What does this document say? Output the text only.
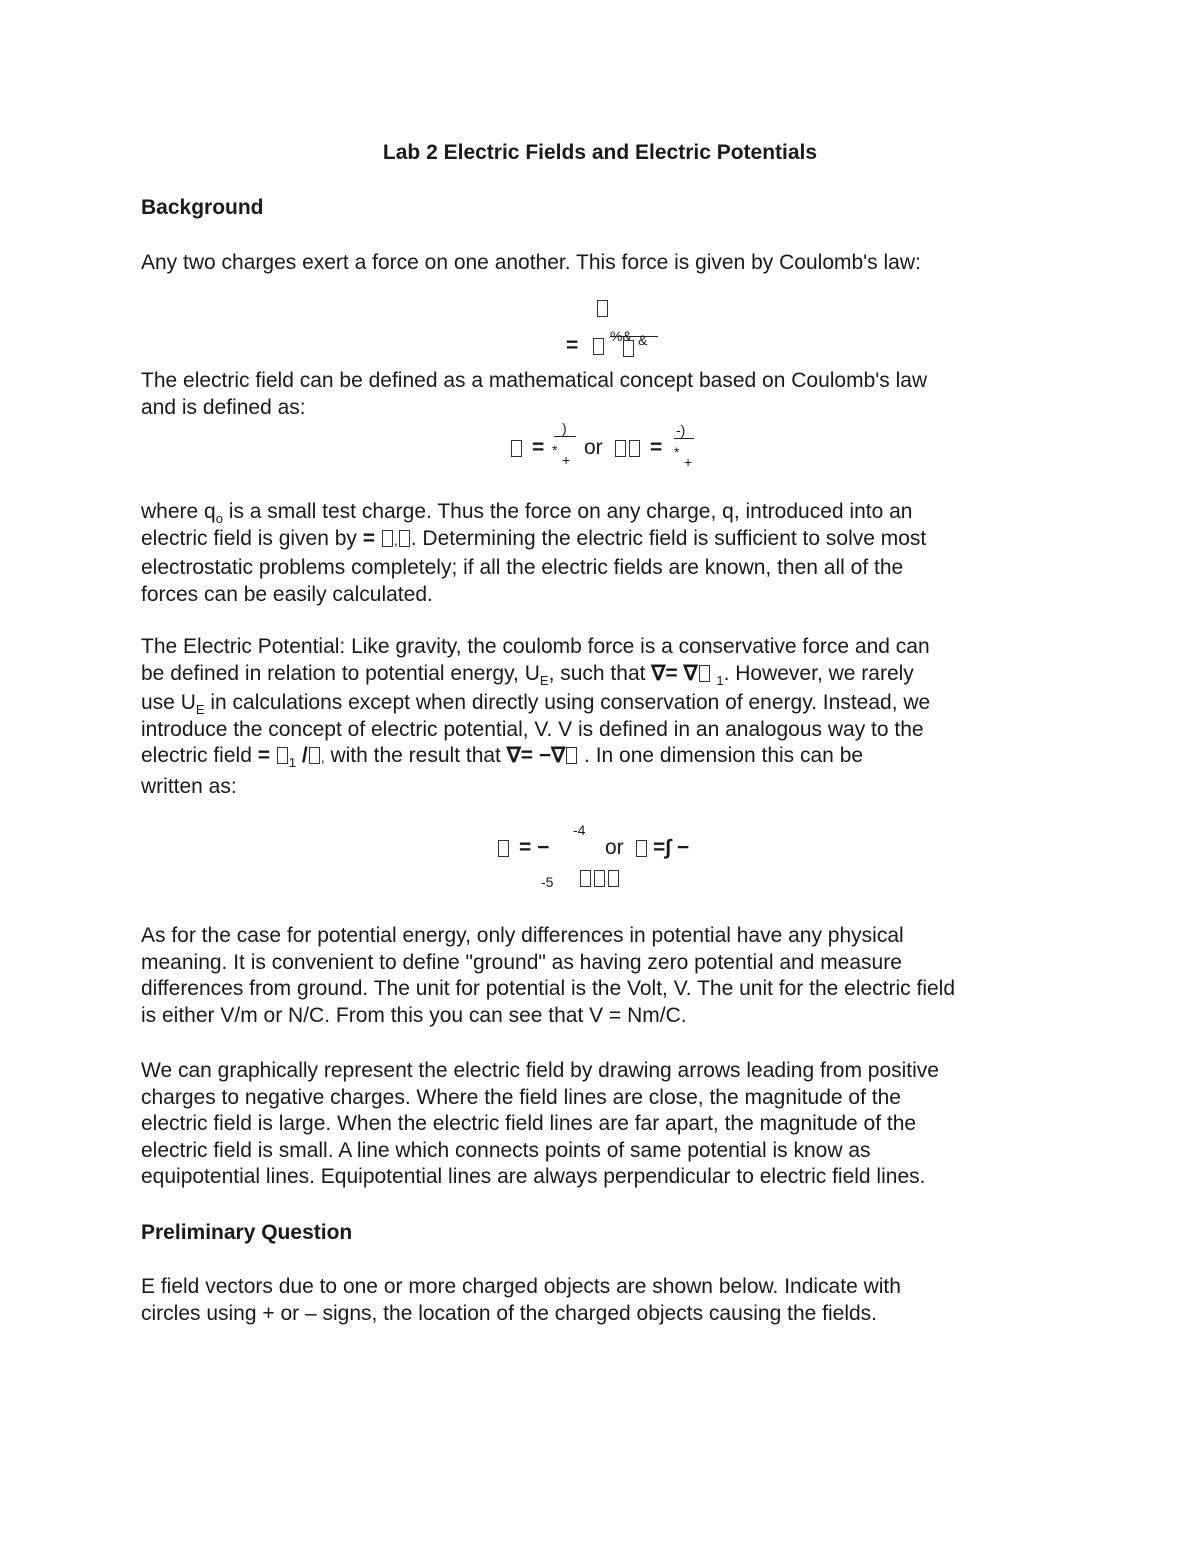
Lab 2 Electric Fields and Electric Potentials
Background
Any two charges exert a force on one another. This force is given by Coulomb's law:
= %& &
The electric field can be defined as a mathematical concept based on Coulomb's law
and is defined as:
=
)
*
+
or =
-)
*
+
where $q_o$ is a small test charge. Thus the force on any charge, q, introduced into an
electric field is given by = , . Determining the electric field is sufficient to solve most
electrostatic problems completely; if all the electric fields are known, then all of the
forces can be easily calculated.
The Electric Potential: Like gravity, the coulomb force is a conservative force and can
be defined in relation to potential energy, $U_E$, such that ∇= ∇ $_1$. However, we rarely
use $U_E$ in calculations except when directly using conservation of energy. Instead, we
introduce the concept of electric potential, V. V is defined in an analogous way to the
electric field = $_1$ / , with the result that ∇= −∇ . In one dimension this can be
written as:
= −
-4
-5
or =∫ −
As for the case for potential energy, only differences in potential have any physical
meaning. It is convenient to define "ground" as having zero potential and measure
differences from ground. The unit for potential is the Volt, V. The unit for the electric field
is either V/m or N/C. From this you can see that V = Nm/C.
We can graphically represent the electric field by drawing arrows leading from positive
charges to negative charges. Where the field lines are close, the magnitude of the
electric field is large. When the electric field lines are far apart, the magnitude of the
electric field is small. A line which connects points of same potential is know as
equipotential lines. Equipotential lines are always perpendicular to electric field lines.
Preliminary Question
E field vectors due to one or more charged objects are shown below. Indicate with
circles using + or – signs, the location of the charged objects causing the fields.
